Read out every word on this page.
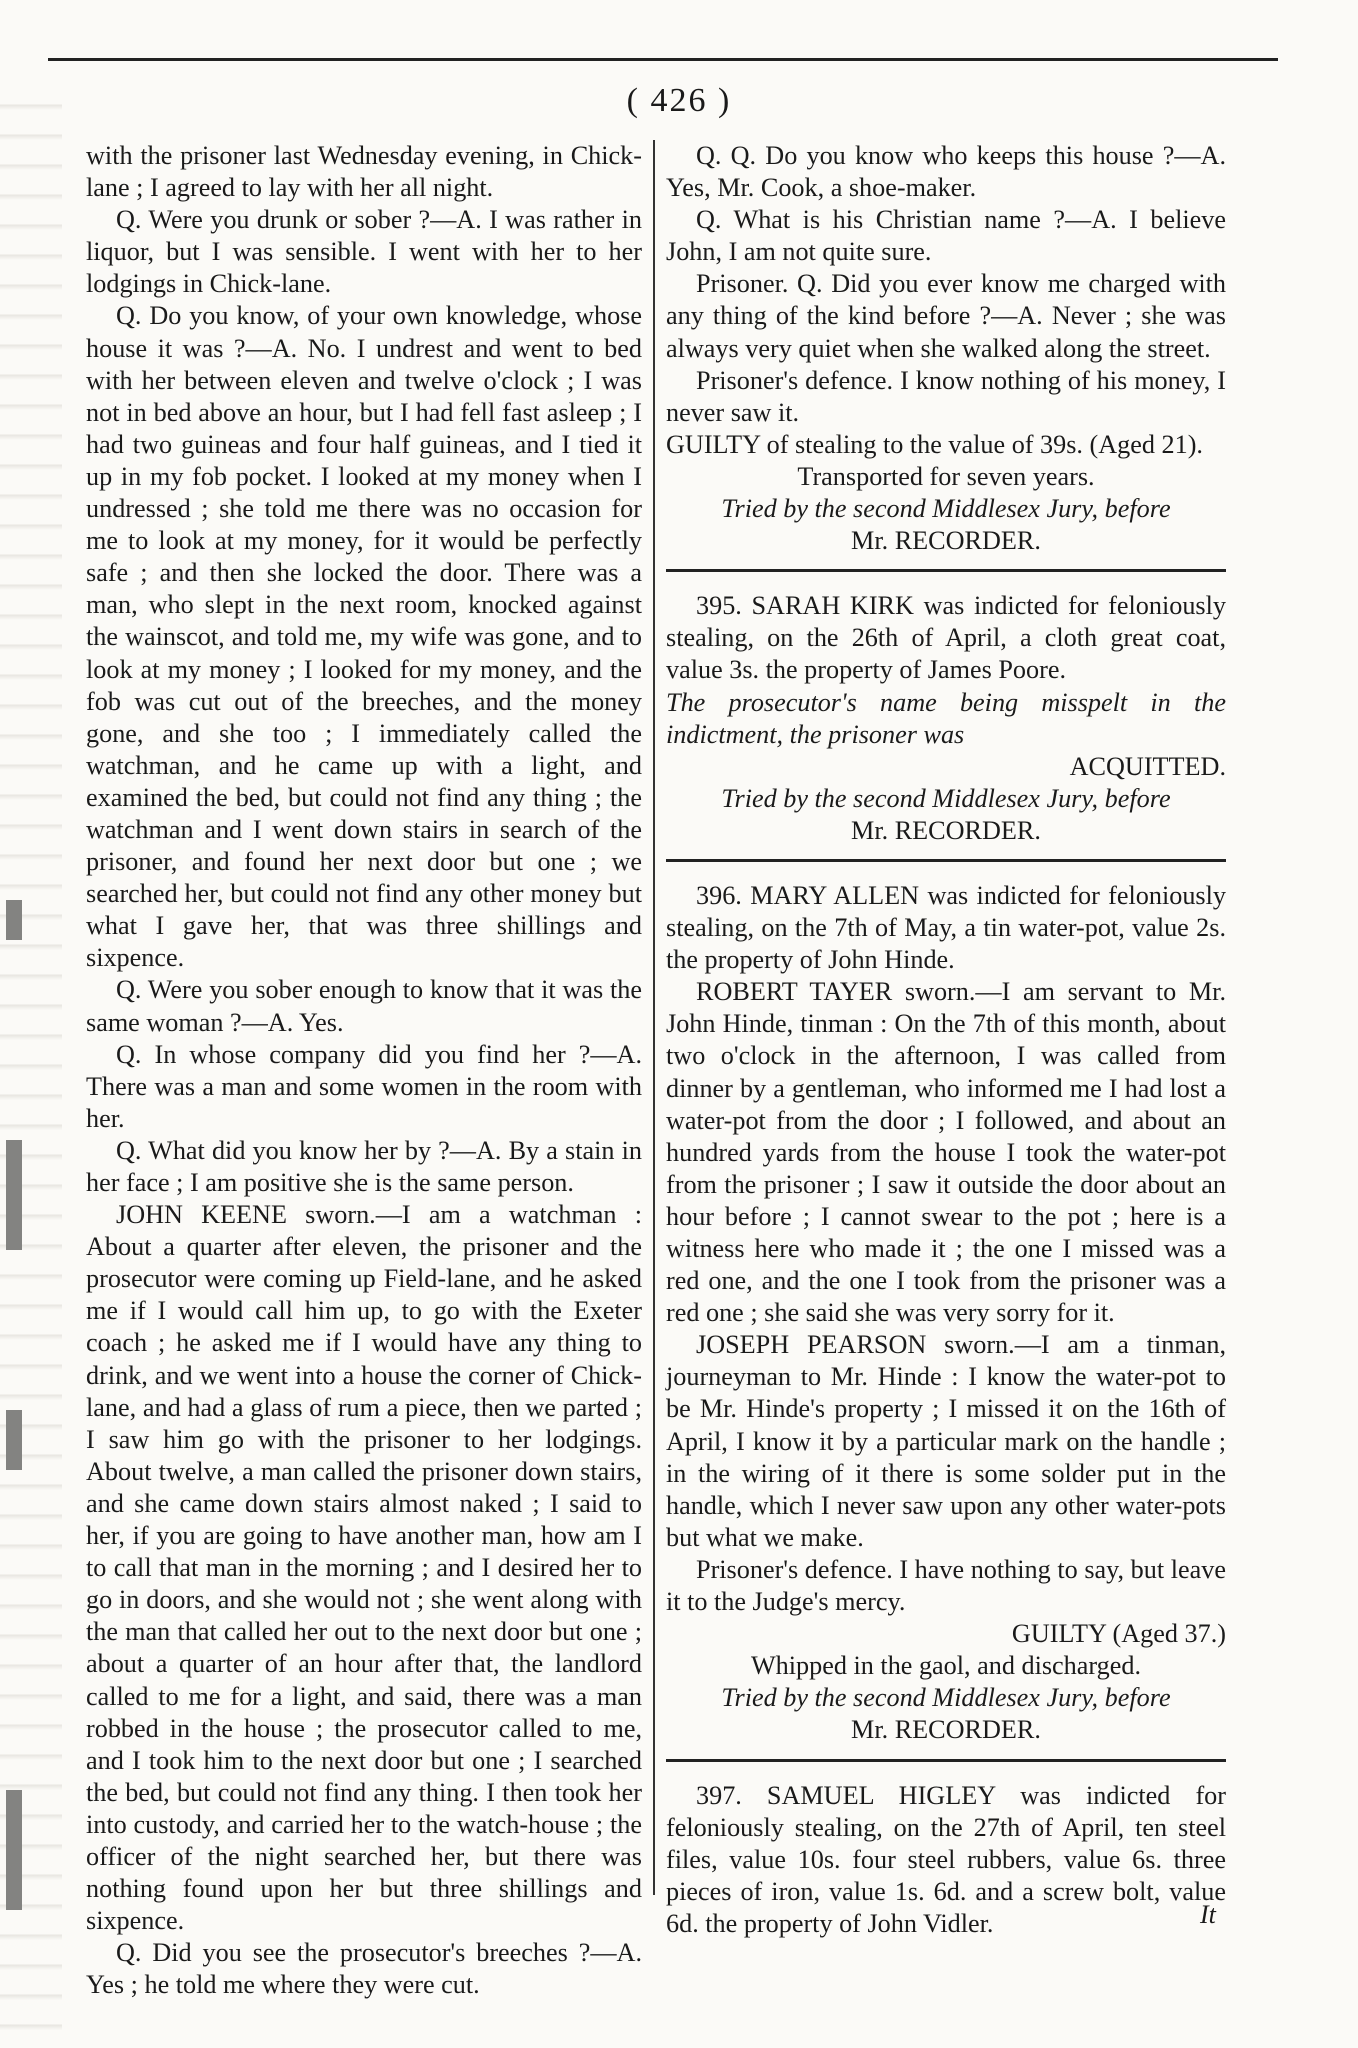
( 426 )

with the prisoner last Wednesday evening, in Chick-lane ; I agreed to lay with her all night.

Q. Were you drunk or sober ?—A. I was rather in liquor, but I was sensible. I went with her to her lodgings in Chick-lane.

Q. Do you know, of your own knowledge, whose house it was ?—A. No. I undrest and went to bed with her between eleven and twelve o'clock ; I was not in bed above an hour, but I had fell fast asleep ; I had two guineas and four half guineas, and I tied it up in my fob pocket. I looked at my money when I undressed ; she told me there was no occasion for me to look at my money, for it would be perfectly safe ; and then she locked the door. There was a man, who slept in the next room, knocked against the wainscot, and told me, my wife was gone, and to look at my money ; I looked for my money, and the fob was cut out of the breeches, and the money gone, and she too ; I immediately called the watchman, and he came up with a light, and examined the bed, but could not find any thing ; the watchman and I went down stairs in search of the prisoner, and found her next door but one ; we searched her, but could not find any other money but what I gave her, that was three shillings and sixpence.

Q. Were you sober enough to know that it was the same woman ?—A. Yes.

Q. In whose company did you find her ?—A. There was a man and some women in the room with her.

Q. What did you know her by ?—A. By a stain in her face ; I am positive she is the same person.

JOHN KEENE sworn.—I am a watchman : About a quarter after eleven, the prisoner and the prosecutor were coming up Field-lane, and he asked me if I would call him up, to go with the Exeter coach ; he asked me if I would have any thing to drink, and we went into a house the corner of Chick-lane, and had a glass of rum a piece, then we parted ; I saw him go with the prisoner to her lodgings. About twelve, a man called the prisoner down stairs, and she came down stairs almost naked ; I said to her, if you are going to have another man, how am I to call that man in the morning ; and I desired her to go in doors, and she would not ; she went along with the man that called her out to the next door but one ; about a quarter of an hour after that, the landlord called to me for a light, and said, there was a man robbed in the house ; the prosecutor called to me, and I took him to the next door but one ; I searched the bed, but could not find any thing. I then took her into custody, and carried her to the watch-house ; the officer of the night searched her, but there was nothing found upon her but three shillings and sixpence.

Q. Did you see the prosecutor's breeches ?—A. Yes ; he told me where they were cut.

Q. Q. Do you know who keeps this house ?—A. Yes, Mr. Cook, a shoe-maker.

Q. What is his Christian name ?—A. I believe John, I am not quite sure.

Prisoner. Q. Did you ever know me charged with any thing of the kind before ?—A. Never ; she was always very quiet when she walked along the street.

Prisoner's defence. I know nothing of his money, I never saw it.

GUILTY of stealing to the value of 39s. (Aged 21).

Transported for seven years.

Tried by the second Middlesex Jury, before

Mr. RECORDER.

395. SARAH KIRK was indicted for feloniously stealing, on the 26th of April, a cloth great coat, value 3s. the property of James Poore.

The prosecutor's name being misspelt in the indictment, the prisoner was

ACQUITTED.

Tried by the second Middlesex Jury, before

Mr. RECORDER.

396. MARY ALLEN was indicted for feloniously stealing, on the 7th of May, a tin water-pot, value 2s. the property of John Hinde.

ROBERT TAYER sworn.—I am servant to Mr. John Hinde, tinman : On the 7th of this month, about two o'clock in the afternoon, I was called from dinner by a gentleman, who informed me I had lost a water-pot from the door ; I followed, and about an hundred yards from the house I took the water-pot from the prisoner ; I saw it outside the door about an hour before ; I cannot swear to the pot ; here is a witness here who made it ; the one I missed was a red one, and the one I took from the prisoner was a red one ; she said she was very sorry for it.

JOSEPH PEARSON sworn.—I am a tinman, journeyman to Mr. Hinde : I know the water-pot to be Mr. Hinde's property ; I missed it on the 16th of April, I know it by a particular mark on the handle ; in the wiring of it there is some solder put in the handle, which I never saw upon any other water-pots but what we make.

Prisoner's defence. I have nothing to say, but leave it to the Judge's mercy.

GUILTY (Aged 37.)

Whipped in the gaol, and discharged.

Tried by the second Middlesex Jury, before

Mr. RECORDER.

397. SAMUEL HIGLEY was indicted for feloniously stealing, on the 27th of April, ten steel files, value 10s. four steel rubbers, value 6s. three pieces of iron, value 1s. 6d. and a screw bolt, value 6d. the property of John Vidler.	It
